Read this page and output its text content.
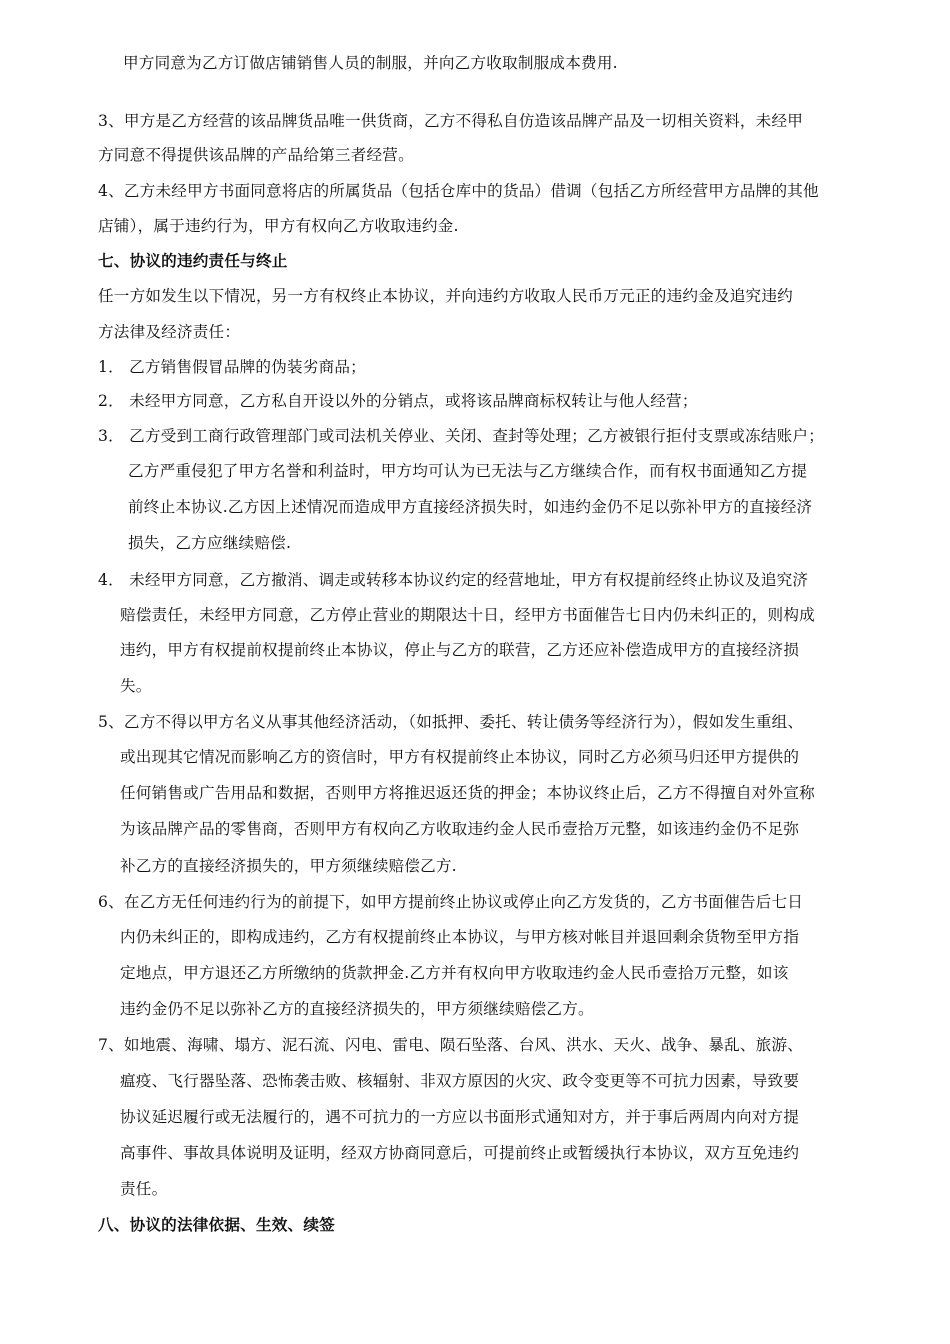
甲方同意为乙方订做店铺销售人员的制服，并向乙方收取制服成本费用.
3、甲方是乙方经营的该品牌货品唯一供货商，乙方不得私自仿造该品牌产品及一切相关资料，未经甲
方同意不得提供该品牌的产品给第三者经营。
4、乙方未经甲方书面同意将店的所属货品（包括仓库中的货品）借调（包括乙方所经营甲方品牌的其他
店铺），属于违约行为，甲方有权向乙方收取违约金.
七、协议的违约责任与终止
任一方如发生以下情况，另一方有权终止本协议，并向违约方收取人民币万元正的违约金及追究违约
方法律及经济责任：
1． 乙方销售假冒品牌的伪装劣商品；
2． 未经甲方同意，乙方私自开设以外的分销点，或将该品牌商标权转让与他人经营；
3． 乙方受到工商行政管理部门或司法机关停业、关闭、查封等处理；乙方被银行拒付支票或冻结账户；
乙方严重侵犯了甲方名誉和利益时，甲方均可认为已无法与乙方继续合作，而有权书面通知乙方提
前终止本协议.乙方因上述情况而造成甲方直接经济损失时，如违约金仍不足以弥补甲方的直接经济
损失，乙方应继续赔偿.
4． 未经甲方同意，乙方撤消、调走或转移本协议约定的经营地址，甲方有权提前经终止协议及追究济
赔偿责任，未经甲方同意，乙方停止营业的期限达十日，经甲方书面催告七日内仍未纠正的，则构成
违约，甲方有权提前权提前终止本协议，停止与乙方的联营，乙方还应补偿造成甲方的直接经济损
失。
5、乙方不得以甲方名义从事其他经济活动，（如抵押、委托、转让债务等经济行为），假如发生重组、
或出现其它情况而影响乙方的资信时，甲方有权提前终止本协议，同时乙方必须马归还甲方提供的
任何销售或广告用品和数据，否则甲方将推迟返还货的押金；本协议终止后，乙方不得擅自对外宣称
为该品牌产品的零售商，否则甲方有权向乙方收取违约金人民币壹拾万元整，如该违约金仍不足弥
补乙方的直接经济损失的，甲方须继续赔偿乙方.
6、在乙方无任何违约行为的前提下，如甲方提前终止协议或停止向乙方发货的，乙方书面催告后七日
内仍未纠正的，即构成违约，乙方有权提前终止本协议，与甲方核对帐目并退回剩余货物至甲方指
定地点，甲方退还乙方所缴纳的货款押金.乙方并有权向甲方收取违约金人民币壹拾万元整，如该
违约金仍不足以弥补乙方的直接经济损失的，甲方须继续赔偿乙方。
7、如地震、海啸、塌方、泥石流、闪电、雷电、陨石坠落、台风、洪水、天火、战争、暴乱、旅游、
瘟疫、飞行器坠落、恐怖袭击败、核辐射、非双方原因的火灾、政令变更等不可抗力因素，导致要
协议延迟履行或无法履行的，遇不可抗力的一方应以书面形式通知对方，并于事后两周内向对方提
高事件、事故具体说明及证明，经双方协商同意后，可提前终止或暂缓执行本协议，双方互免违约
责任。
八、协议的法律依据、生效、续签
